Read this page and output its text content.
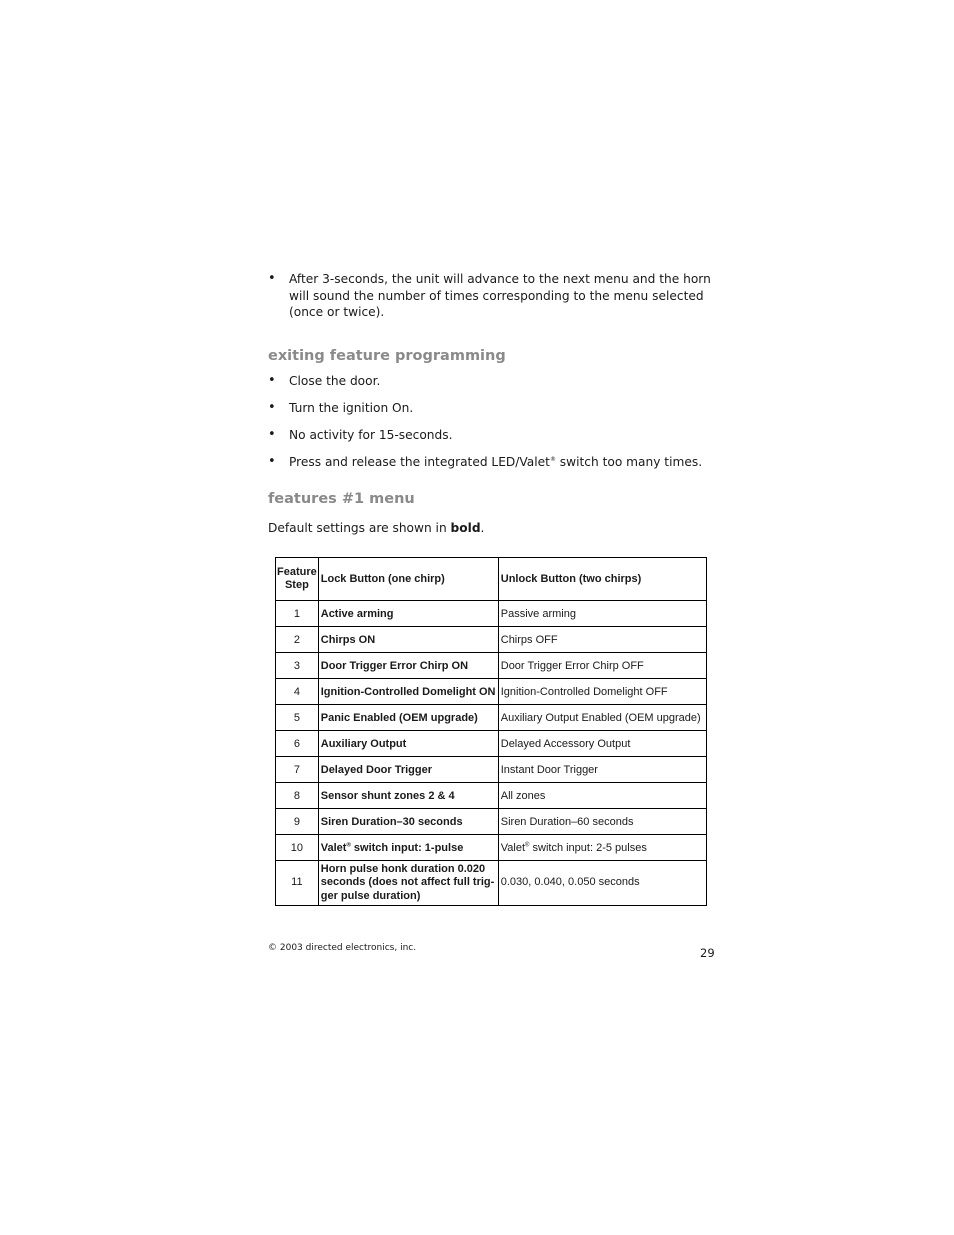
• After 3-seconds, the unit will advance to the next menu and the horn will sound the number of times corresponding to the menu selected (once or twice).
exiting feature programming
• Close the door.
• Turn the ignition On.
• No activity for 15-seconds.
• Press and release the integrated LED/Valet® switch too many times.
features #1 menu
Default settings are shown in bold.
Feature Step	Lock Button (one chirp)	Unlock Button (two chirps)
1	Active arming	Passive arming
2	Chirps ON	Chirps OFF
3	Door Trigger Error Chirp ON	Door Trigger Error Chirp OFF
4	Ignition-Controlled Domelight ON	Ignition-Controlled Domelight OFF
5	Panic Enabled (OEM upgrade)	Auxiliary Output Enabled (OEM upgrade)
6	Auxiliary Output	Delayed Accessory Output
7	Delayed Door Trigger	Instant Door Trigger
8	Sensor shunt zones 2 & 4	All zones
9	Siren Duration–30 seconds	Siren Duration–60 seconds
10	Valet® switch input: 1-pulse	Valet® switch input: 2-5 pulses
11	Horn pulse honk duration 0.020 seconds (does not affect full trig-ger pulse duration)	0.030, 0.040, 0.050 seconds
© 2003 directed electronics, inc.	29
